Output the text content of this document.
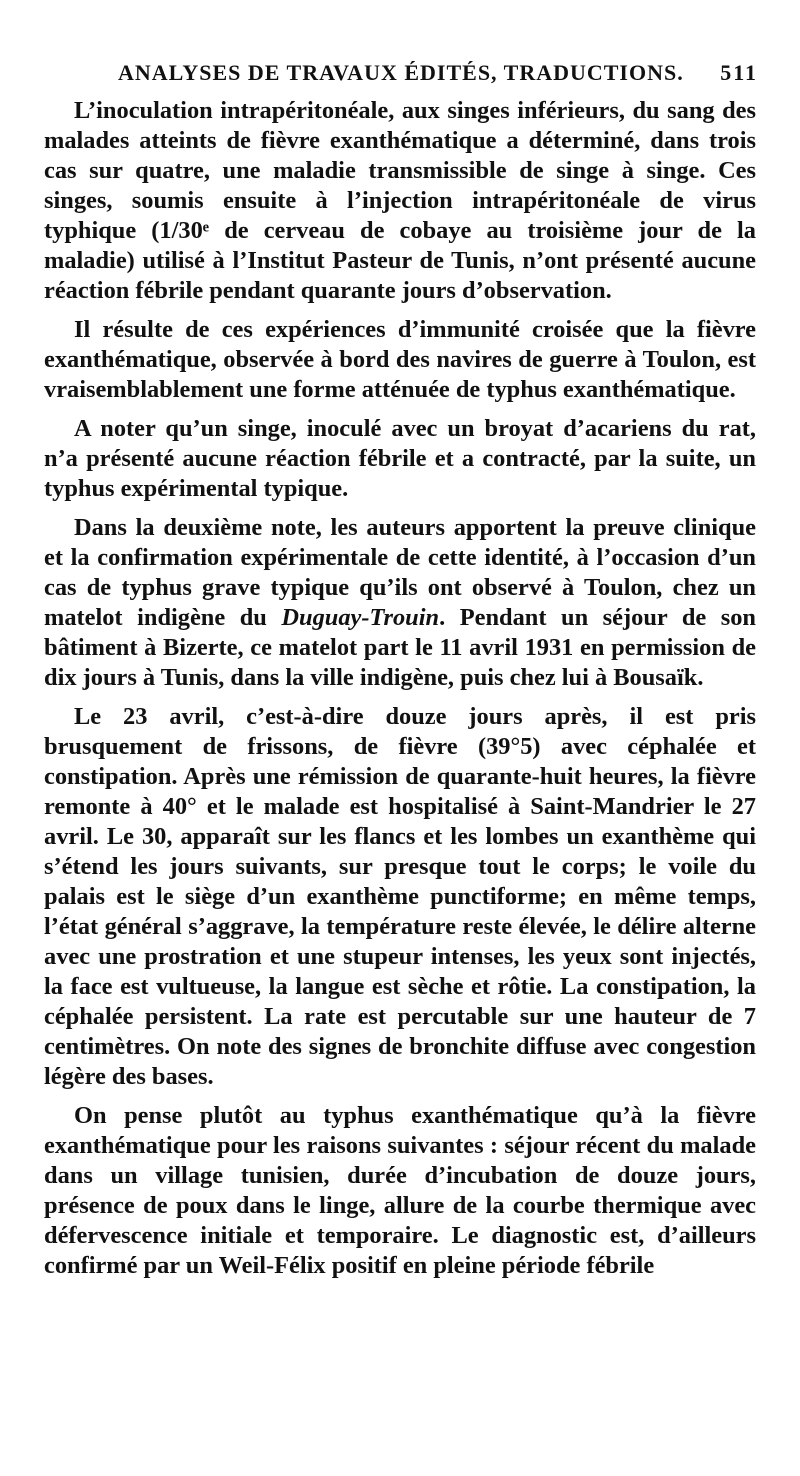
ANALYSES DE TRAVAUX ÉDITÉS, TRADUCTIONS. 511

L’inoculation intrapéritonéale, aux singes inférieurs, du sang des malades atteints de fièvre exanthématique a déterminé, dans trois cas sur quatre, une maladie transmissible de singe à singe. Ces singes, soumis ensuite à l’injection intrapéritonéale de virus typhique (1/30ᵉ de cerveau de cobaye au troisième jour de la maladie) utilisé à l’Institut Pasteur de Tunis, n’ont présenté aucune réaction fébrile pendant quarante jours d’observation.

Il résulte de ces expériences d’immunité croisée que la fièvre exanthématique, observée à bord des navires de guerre à Toulon, est vraisemblablement une forme atténuée de typhus exanthématique.

A noter qu’un singe, inoculé avec un broyat d’acariens du rat, n’a présenté aucune réaction fébrile et a contracté, par la suite, un typhus expérimental typique.

Dans la deuxième note, les auteurs apportent la preuve clinique et la confirmation expérimentale de cette identité, à l’occasion d’un cas de typhus grave typique qu’ils ont observé à Toulon, chez un matelot indigène du Duguay-Trouin. Pendant un séjour de son bâtiment à Bizerte, ce matelot part le 11 avril 1931 en permission de dix jours à Tunis, dans la ville indigène, puis chez lui à Bousaïk.

Le 23 avril, c’est-à-dire douze jours après, il est pris brusquement de frissons, de fièvre (39°5) avec céphalée et constipation. Après une rémission de quarante-huit heures, la fièvre remonte à 40° et le malade est hospitalisé à Saint-Mandrier le 27 avril. Le 30, apparaît sur les flancs et les lombes un exanthème qui s’étend les jours suivants, sur presque tout le corps; le voile du palais est le siège d’un exanthème punctiforme; en même temps, l’état général s’aggrave, la température reste élevée, le délire alterne avec une prostration et une stupeur intenses, les yeux sont injectés, la face est vultueuse, la langue est sèche et rôtie. La constipation, la céphalée persistent. La rate est percutable sur une hauteur de 7 centimètres. On note des signes de bronchite diffuse avec congestion légère des bases.

On pense plutôt au typhus exanthématique qu’à la fièvre exanthématique pour les raisons suivantes : séjour récent du malade dans un village tunisien, durée d’incubation de douze jours, présence de poux dans le linge, allure de la courbe thermique avec défervescence initiale et temporaire. Le diagnostic est, d’ailleurs confirmé par un Weil-Félix positif en pleine période fébrile
